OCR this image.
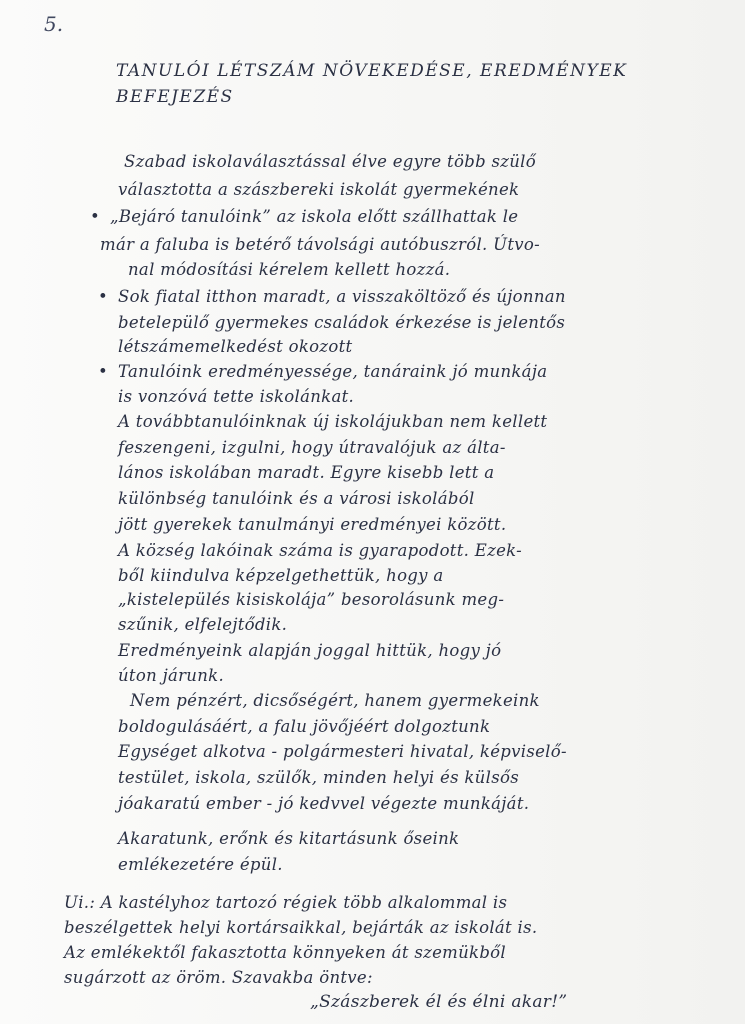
5.
TANULÓI LÉTSZÁM NÖVEKEDÉSE, EREDMÉNYEK
BEFEJEZÉS
Szabad iskolaválasztással élve egyre több szülő
választotta a szászbereki iskolát gyermekének
• „Bejáró tanulóink” az iskola előtt szállhattak le
már a faluba is betérő távolsági autóbuszról. Útvo-
nal módosítási kérelem kellett hozzá.
• Sok fiatal itthon maradt, a visszaköltöző és újonnan
betelepülő gyermekes családok érkezése is jelentős
létszámemelkedést okozott
• Tanulóink eredményessége, tanáraink jó munkája
is vonzóvá tette iskolánkat.
A továbbtanulóinknak új iskolájukban nem kellett
feszengeni, izgulni, hogy útravalójuk az álta-
lános iskolában maradt. Egyre kisebb lett a
különbség tanulóink és a városi iskolából
jött gyerekek tanulmányi eredményei között.
A község lakóinak száma is gyarapodott. Ezek-
ből kiindulva képzelgethettük, hogy a
„kistelepülés kisiskolája” besorolásunk meg-
szűnik, elfelejtődik.
Eredményeink alapján joggal hittük, hogy jó
úton járunk.
Nem pénzért, dicsőségért, hanem gyermekeink
boldogulásáért, a falu jövőjéért dolgoztunk
Egységet alkotva - polgármesteri hivatal, képviselő-
testület, iskola, szülők, minden helyi és külsős
jóakaratú ember - jó kedvvel végezte munkáját.
Akaratunk, erőnk és kitartásunk őseink
emlékezetére épül.
Ui.: A kastélyhoz tartozó régiek több alkalommal is
beszélgettek helyi kortársaikkal, bejárták az iskolát is.
Az emlékektől fakasztotta könnyeken át szemükből
sugárzott az öröm. Szavakba öntve:
„Szászberek él és élni akar!”
